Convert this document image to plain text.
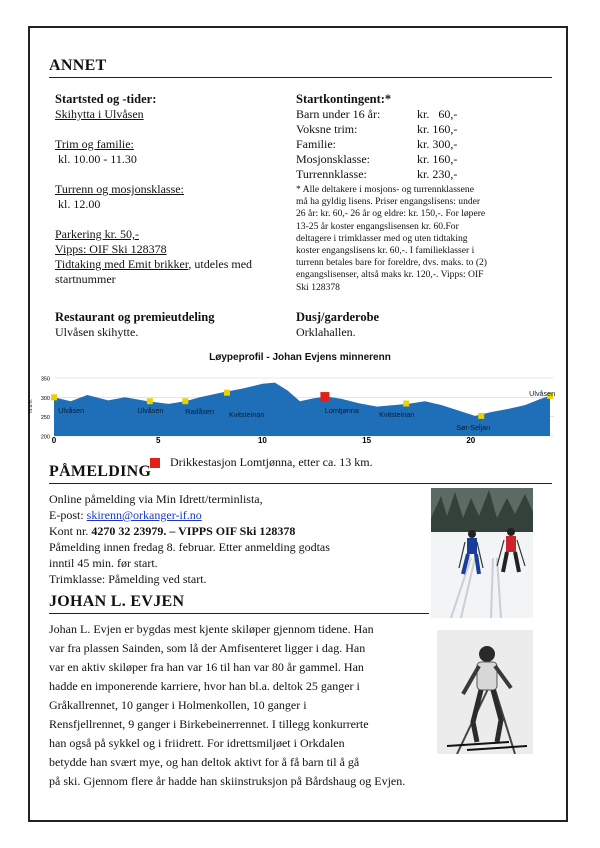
ANNET
Startsted og -tider:
Skihytta i Ulvåsen
Trim og familie:
kl. 10.00 - 11.30
Turrenn og mosjonsklasse:
kl. 12.00
Parkering kr. 50,-
Vipps: OIF Ski 128378
Tidtaking med Emit brikker, utdeles med
startnummer
Startkontingent:*
Barn under 16 år:	kr.   60,-
Voksne trim:	kr. 160,-
Familie:	kr. 300,-
Mosjonsklasse:	kr. 160,-
Turrennklasse:	kr. 230,-
* Alle deltakere i mosjons- og turrennklassene
må ha gyldig lisens. Priser engangslisens: under
26 år: kr. 60,- 26 år og eldre: kr. 150,-. For løpere
13-25 år koster engangslisensen kr. 60.For
deltagere i trimklasser med og uten tidtaking
koster engangslisens kr. 60,-. I familieklasser i
turrenn betales bare for foreldre, dvs. maks. to (2)
engangslisenser, altså maks kr. 120,-. Vipps: OIF
Ski 128378
Restaurant og premieutdeling
Ulvåsen skihytte.
Dusj/garderobe
Orklahallen.
Løypeprofil - Johan Evjens minnerenn
350
300
250
200
Ulvåsen	Ulvåsen	Radåsen Kvitsteinan	Lomtjønna	Kvitsteinan
Sør-Seljan
Ulvåsen
m.o.h.
0	5	10	15	20
Drikkestasjon Lomtjønna, etter ca. 13 km.
PÅMELDING
Online påmelding via Min Idrett/terminlista,
E-post: skirenn@orkanger-if.no
Kont nr. 4270 32 23979. – VIPPS OIF Ski 128378
Påmelding innen fredag 8. februar. Etter anmelding godtas
inntil 45 min. før start.
Trimklasse: Påmelding ved start.
JOHAN L. EVJEN
Johan L. Evjen er bygdas mest kjente skiløper gjennom tidene. Han
var fra plassen Sainden, som lå der Amfisenteret ligger i dag. Han
var en aktiv skiløper fra han var 16 til han var 80 år gammel. Han
hadde en imponerende karriere, hvor han bl.a. deltok 25 ganger i
Gråkallrennet, 10 ganger i Holmenkollen, 10 ganger i
Rensfjellrennet, 9 ganger i Birkebeinerrennet. I tillegg konkurrerte
han også på sykkel og i friidrett. For idrettsmiljøet i Orkdalen
betydde han svært mye, og han deltok aktivt for å få barn til å gå
på ski. Gjennom flere år hadde han skiinstruksjon på Bårdshaug og Evjen.
